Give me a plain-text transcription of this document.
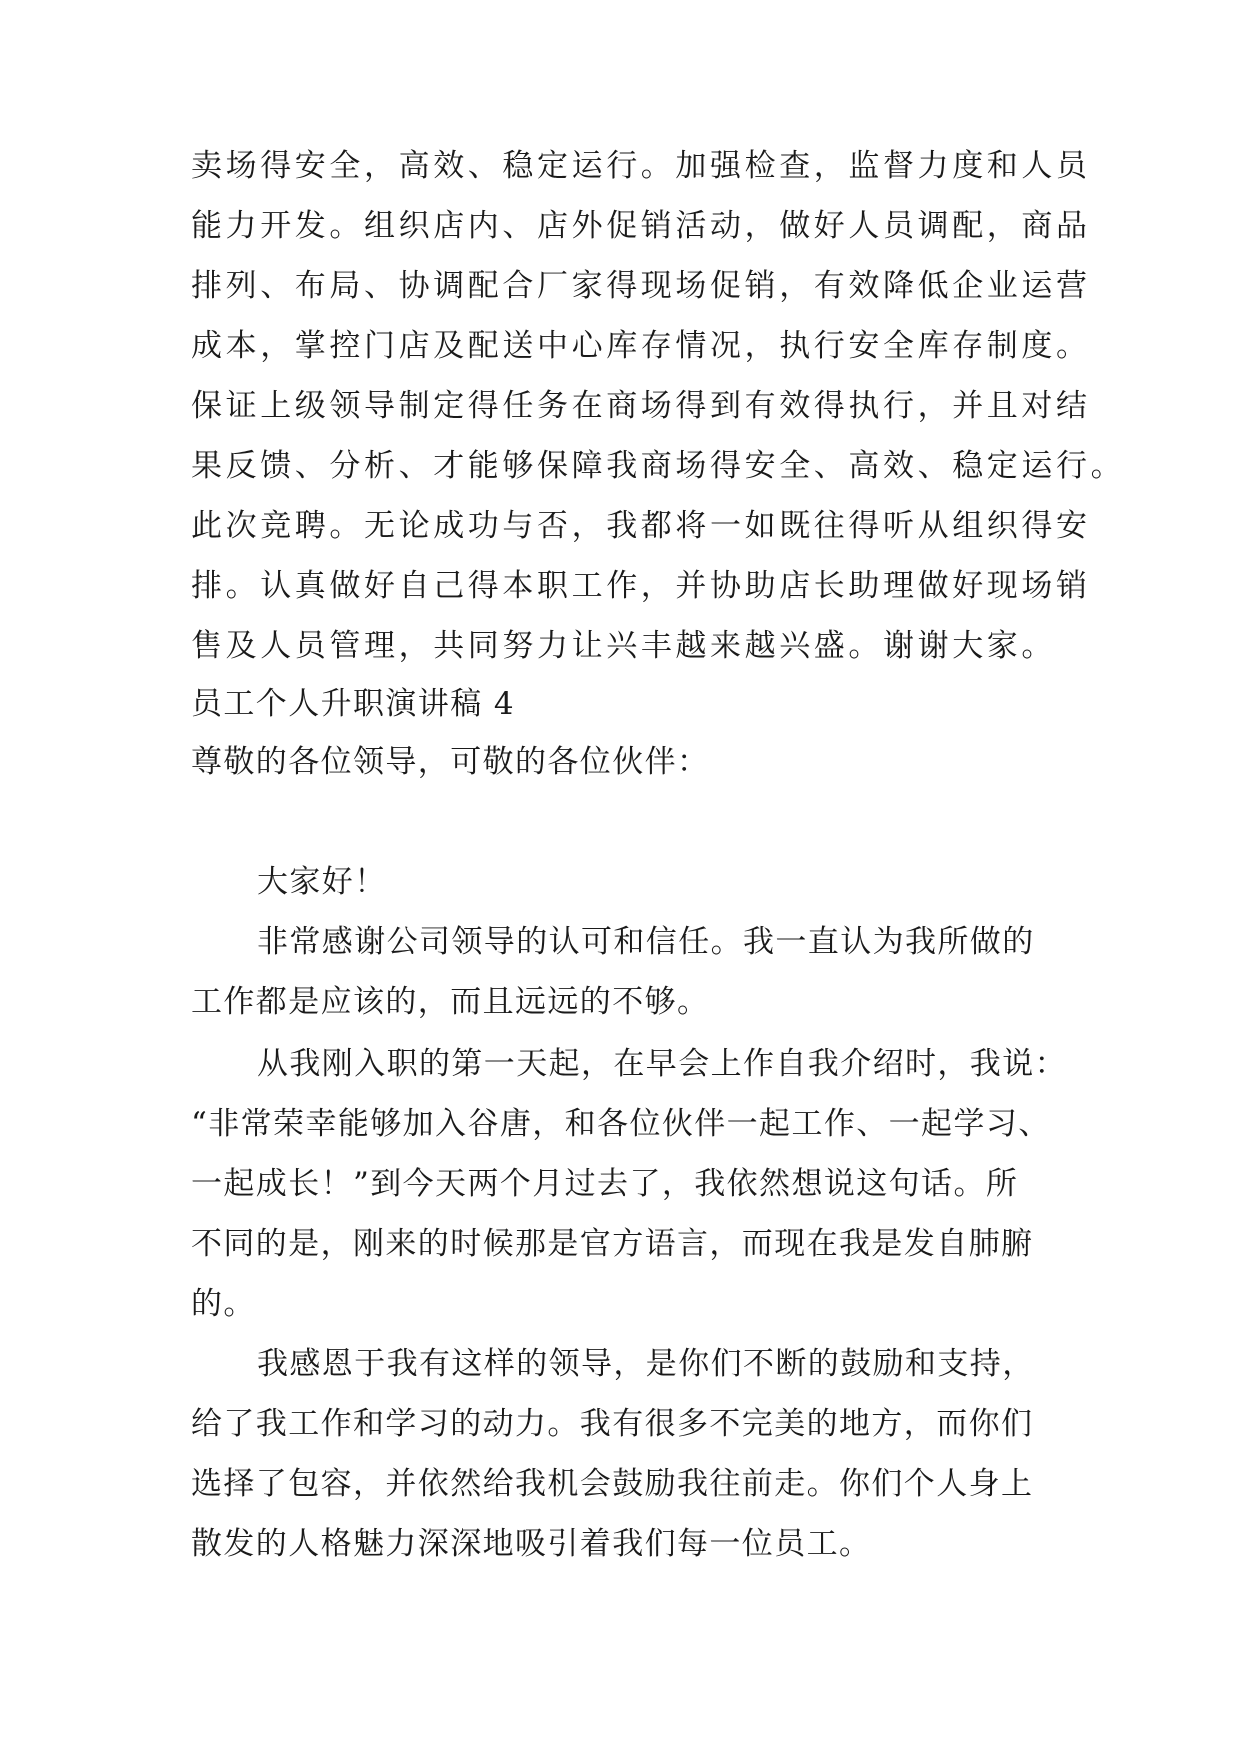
卖场得安全，高效、稳定运行。加强检查，监督力度和人员
能力开发。组织店内、店外促销活动，做好人员调配，商品
排列、布局、协调配合厂家得现场促销，有效降低企业运营
成本，掌控门店及配送中心库存情况，执行安全库存制度。
保证上级领导制定得任务在商场得到有效得执行，并且对结
果反馈、分析、才能够保障我商场得安全、高效、稳定运行。
此次竞聘。无论成功与否，我都将一如既往得听从组织得安
排。认真做好自己得本职工作，并协助店长助理做好现场销
售及人员管理，共同努力让兴丰越来越兴盛。谢谢大家。
员工个人升职演讲稿 4
尊敬的各位领导，可敬的各位伙伴：
大家好！
非常感谢公司领导的认可和信任。我一直认为我所做的
工作都是应该的，而且远远的不够。
从我刚入职的第一天起，在早会上作自我介绍时，我说：
“非常荣幸能够加入谷唐，和各位伙伴一起工作、一起学习、
一起成长！”到今天两个月过去了，我依然想说这句话。所
不同的是，刚来的时候那是官方语言，而现在我是发自肺腑
的。
我感恩于我有这样的领导，是你们不断的鼓励和支持，
给了我工作和学习的动力。我有很多不完美的地方，而你们
选择了包容，并依然给我机会鼓励我往前走。你们个人身上
散发的人格魅力深深地吸引着我们每一位员工。
